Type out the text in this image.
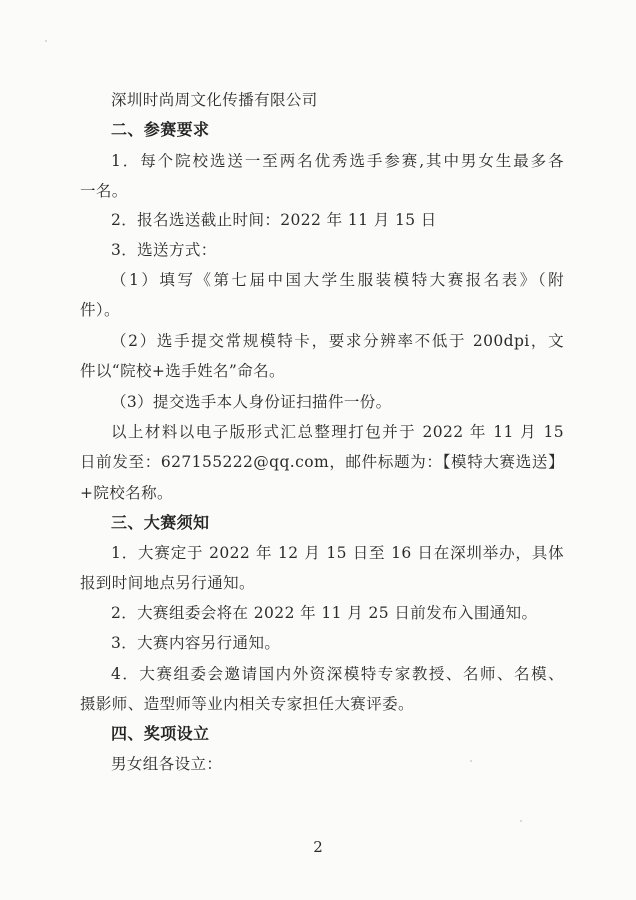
深圳时尚周文化传播有限公司
二、参赛要求
1．每个院校选送一至两名优秀选手参赛,其中男女生最多各
一名。
2．报名选送截止时间：2022 年 11 月 15 日
3．选送方式：
（1）填写《第七届中国大学生服装模特大赛报名表》（附
件）。
（2）选手提交常规模特卡，要求分辨率不低于 200dpi，文
件以“院校+选手姓名”命名。
（3）提交选手本人身份证扫描件一份。
以上材料以电子版形式汇总整理打包并于 2022 年 11 月 15
日前发至：627155222@qq.com，邮件标题为：【模特大赛选送】
+院校名称。
三、大赛须知
1．大赛定于 2022 年 12 月 15 日至 16 日在深圳举办，具体
报到时间地点另行通知。
2．大赛组委会将在 2022 年 11 月 25 日前发布入围通知。
3．大赛内容另行通知。
4．大赛组委会邀请国内外资深模特专家教授、名师、名模、
摄影师、造型师等业内相关专家担任大赛评委。
四、奖项设立
男女组各设立：
2
